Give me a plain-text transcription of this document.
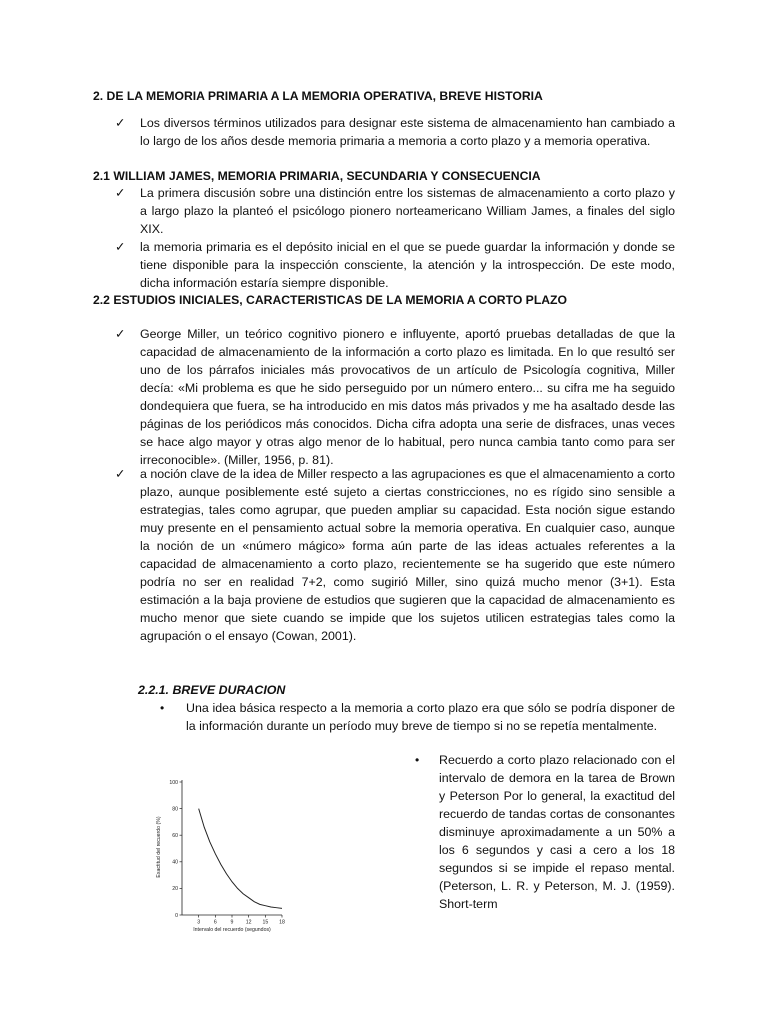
2. DE LA MEMORIA PRIMARIA A LA MEMORIA OPERATIVA, BREVE HISTORIA
✓	Los diversos términos utilizados para designar este sistema de almacenamiento han cambiado a lo largo de los años desde memoria primaria a memoria a corto plazo y a memoria operativa.
2.1 WILLIAM JAMES, MEMORIA PRIMARIA, SECUNDARIA Y CONSECUENCIA
✓	La primera discusión sobre una distinción entre los sistemas de almacenamiento a corto plazo y a largo plazo la planteó el psicólogo pionero norteamericano William James, a finales del siglo XIX.
✓	la memoria primaria es el depósito inicial en el que se puede guardar la información y donde se tiene disponible para la inspección consciente, la atención y la introspección. De este modo, dicha información estaría siempre disponible.
2.2 ESTUDIOS INICIALES, CARACTERISTICAS DE LA MEMORIA A CORTO PLAZO
✓	George Miller, un teórico cognitivo pionero e influyente, aportó pruebas detalladas de que la capacidad de almacenamiento de la información a corto plazo es limitada. En lo que resultó ser uno de los párrafos iniciales más provocativos de un artículo de Psicología cognitiva, Miller decía: «Mi problema es que he sido perseguido por un número entero... su cifra me ha seguido dondequiera que fuera, se ha introducido en mis datos más privados y me ha asaltado desde las páginas de los periódicos más conocidos. Dicha cifra adopta una serie de disfraces, unas veces se hace algo mayor y otras algo menor de lo habitual, pero nunca cambia tanto como para ser irreconocible». (Miller, 1956, p. 81).
✓	a noción clave de la idea de Miller respecto a las agrupaciones es que el almacenamiento a corto plazo, aunque posiblemente esté sujeto a ciertas constricciones, no es rígido sino sensible a estrategias, tales como agrupar, que pueden ampliar su capacidad. Esta noción sigue estando muy presente en el pensamiento actual sobre la memoria operativa. En cualquier caso, aunque la noción de un «número mágico» forma aún parte de las ideas actuales referentes a la capacidad de almacenamiento a corto plazo, recientemente se ha sugerido que este número podría no ser en realidad 7+2, como sugirió Miller, sino quizá mucho menor (3+1). Esta estimación a la baja proviene de estudios que sugieren que la capacidad de almacenamiento es mucho menor que siete cuando se impide que los sujetos utilicen estrategias tales como la agrupación o el ensayo (Cowan, 2001).
2.2.1. BREVE DURACION
• Una idea básica respecto a la memoria a corto plazo era que sólo se podría disponer de la información durante un período muy breve de tiempo si no se repetía mentalmente.
• Recuerdo a corto plazo relacionado con el intervalo de demora en la tarea de Brown y Peterson Por lo general, la exactitud del recuerdo de tandas cortas de consonantes disminuye aproximadamente a un 50% a los 6 segundos y casi a cero a los 18 segundos si se impide el repaso mental. (Peterson, L. R. y Peterson, M. J. (1959). Short-term
Exactitud del recuerdo (%)
Intervalo del recuerdo (segundos)
0
20
40
60
80
100
3	6	9 12 15 18
